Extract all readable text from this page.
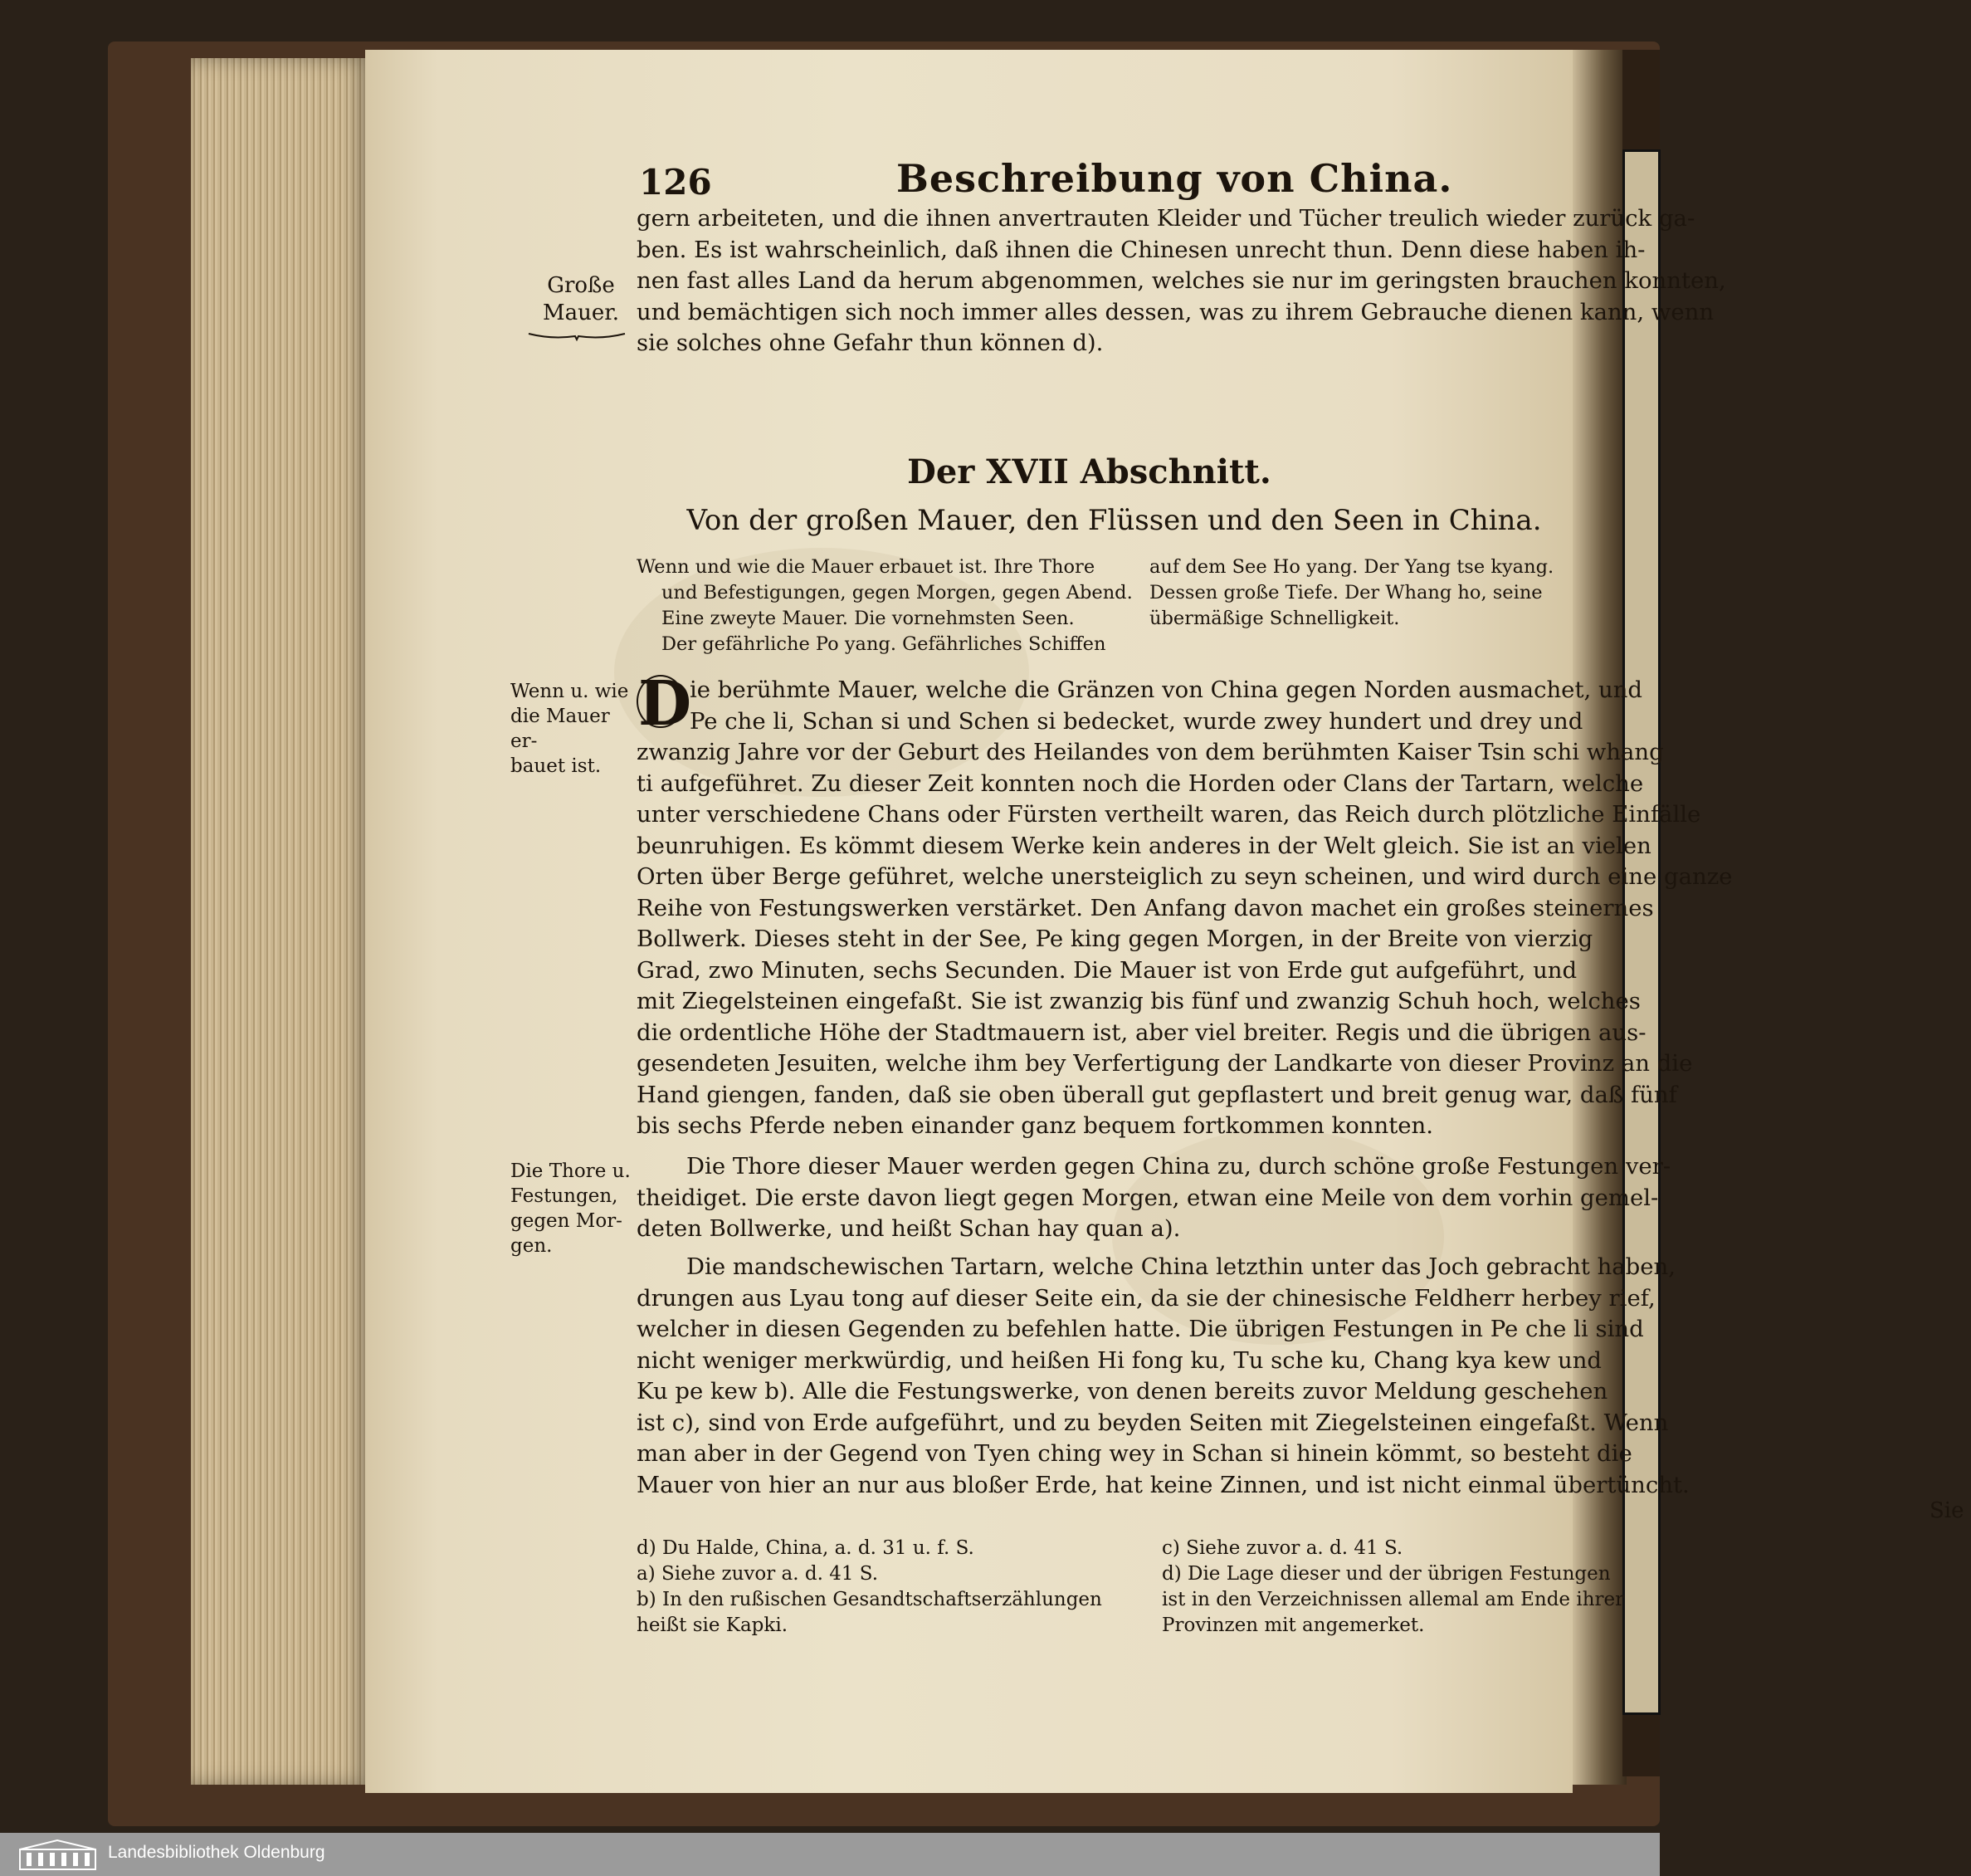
126	Beschreibung von China.
Große
Mauer.
Wenn u. wie
die Mauer er-
bauet ist.
Die Thore u.
Festungen,
gegen Mor-
gen.
gern arbeiteten, und die ihnen anvertrauten Kleider und Tücher treulich wieder zurück ga-
ben. Es ist wahrscheinlich, daß ihnen die Chinesen unrecht thun. Denn diese haben ih-
nen fast alles Land da herum abgenommen, welches sie nur im geringsten brauchen konnten,
und bemächtigen sich noch immer alles dessen, was zu ihrem Gebrauche dienen kann, wenn
sie solches ohne Gefahr thun können d).
Der XVII Abschnitt.
Von der großen Mauer, den Flüssen und den Seen in China.
Wenn und wie die Mauer erbauet ist. Ihre Thore
und Befestigungen, gegen Morgen, gegen Abend.
Eine zweyte Mauer. Die vornehmsten Seen.
Der gefährliche Po yang. Gefährliches Schiffen
auf dem See Ho yang. Der Yang tse kyang.
Dessen große Tiefe. Der Whang ho, seine
übermäßige Schnelligkeit.
D
ie berühmte Mauer, welche die Gränzen von China gegen Norden ausmachet, und
Pe che li, Schan si und Schen si bedecket, wurde zwey hundert und drey und
zwanzig Jahre vor der Geburt des Heilandes von dem berühmten Kaiser Tsin schi whang
ti aufgeführet. Zu dieser Zeit konnten noch die Horden oder Clans der Tartarn, welche
unter verschiedene Chans oder Fürsten vertheilt waren, das Reich durch plötzliche Einfälle
beunruhigen. Es kömmt diesem Werke kein anderes in der Welt gleich. Sie ist an vielen
Orten über Berge geführet, welche unersteiglich zu seyn scheinen, und wird durch eine ganze
Reihe von Festungswerken verstärket. Den Anfang davon machet ein großes steinernes
Bollwerk. Dieses steht in der See, Pe king gegen Morgen, in der Breite von vierzig
Grad, zwo Minuten, sechs Secunden. Die Mauer ist von Erde gut aufgeführt, und
mit Ziegelsteinen eingefaßt. Sie ist zwanzig bis fünf und zwanzig Schuh hoch, welches
die ordentliche Höhe der Stadtmauern ist, aber viel breiter. Regis und die übrigen aus-
gesendeten Jesuiten, welche ihm bey Verfertigung der Landkarte von dieser Provinz an die
Hand giengen, fanden, daß sie oben überall gut gepflastert und breit genug war, daß fünf
bis sechs Pferde neben einander ganz bequem fortkommen konnten.
Die Thore dieser Mauer werden gegen China zu, durch schöne große Festungen ver-
theidiget. Die erste davon liegt gegen Morgen, etwan eine Meile von dem vorhin gemel-
deten Bollwerke, und heißt Schan hay quan a).
Die mandschewischen Tartarn, welche China letzthin unter das Joch gebracht haben,
drungen aus Lyau tong auf dieser Seite ein, da sie der chinesische Feldherr herbey rief,
welcher in diesen Gegenden zu befehlen hatte. Die übrigen Festungen in Pe che li sind
nicht weniger merkwürdig, und heißen Hi fong ku, Tu sche ku, Chang kya kew und
Ku pe kew b). Alle die Festungswerke, von denen bereits zuvor Meldung geschehen
ist c), sind von Erde aufgeführt, und zu beyden Seiten mit Ziegelsteinen eingefaßt. Wenn
man aber in der Gegend von Tyen ching wey in Schan si hinein kömmt, so besteht die
Mauer von hier an nur aus bloßer Erde, hat keine Zinnen, und ist nicht einmal übertüncht.
Sie
d) Du Halde, China, a. d. 31 u. f. S.
a) Siehe zuvor a. d. 41 S.
b) In den rußischen Gesandtschaftserzählungen
heißt sie Kapki.
c) Siehe zuvor a. d. 41 S.
d) Die Lage dieser und der übrigen Festungen
ist in den Verzeichnissen allemal am Ende ihrer
Provinzen mit angemerket.
Landesbibliothek Oldenburg
